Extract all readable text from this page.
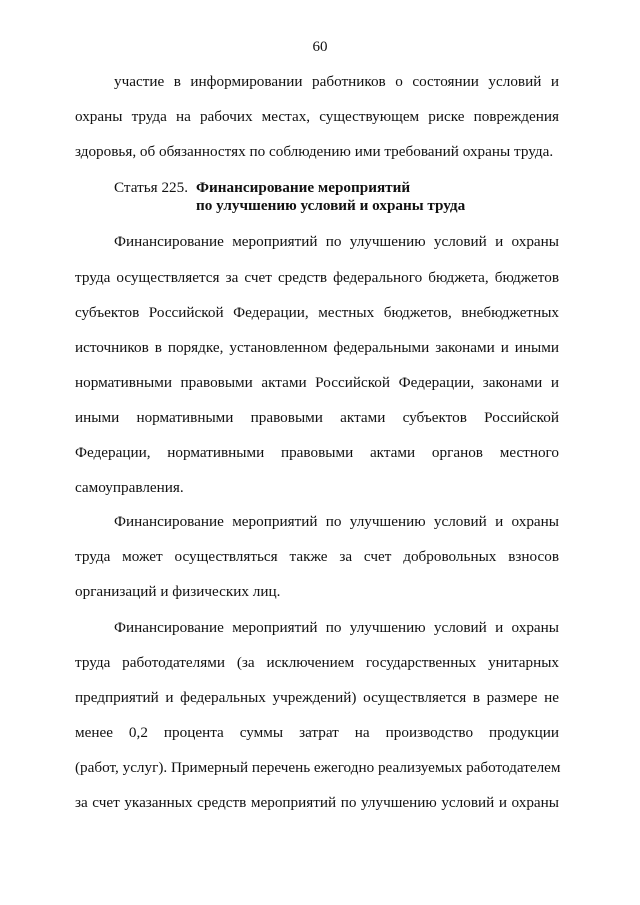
60
участие в информировании работников о состоянии условий и
охраны труда на рабочих местах, существующем риске повреждения
здоровья, об обязанностях по соблюдению ими требований охраны труда.
Статья 225. Финансирование мероприятий
по улучшению условий и охраны труда
Финансирование мероприятий по улучшению условий и охраны
труда осуществляется за счет средств федерального бюджета, бюджетов
субъектов Российской Федерации, местных бюджетов, внебюджетных
источников в порядке, установленном федеральными законами и иными
нормативными правовыми актами Российской Федерации, законами и
иными нормативными правовыми актами субъектов Российской
Федерации, нормативными правовыми актами органов местного
самоуправления.
Финансирование мероприятий по улучшению условий и охраны
труда может осуществляться также за счет добровольных взносов
организаций и физических лиц.
Финансирование мероприятий по улучшению условий и охраны
труда работодателями (за исключением государственных унитарных
предприятий и федеральных учреждений) осуществляется в размере не
менее 0,2 процента суммы затрат на производство продукции
(работ, услуг). Примерный перечень ежегодно реализуемых работодателем
за счет указанных средств мероприятий по улучшению условий и охраны
